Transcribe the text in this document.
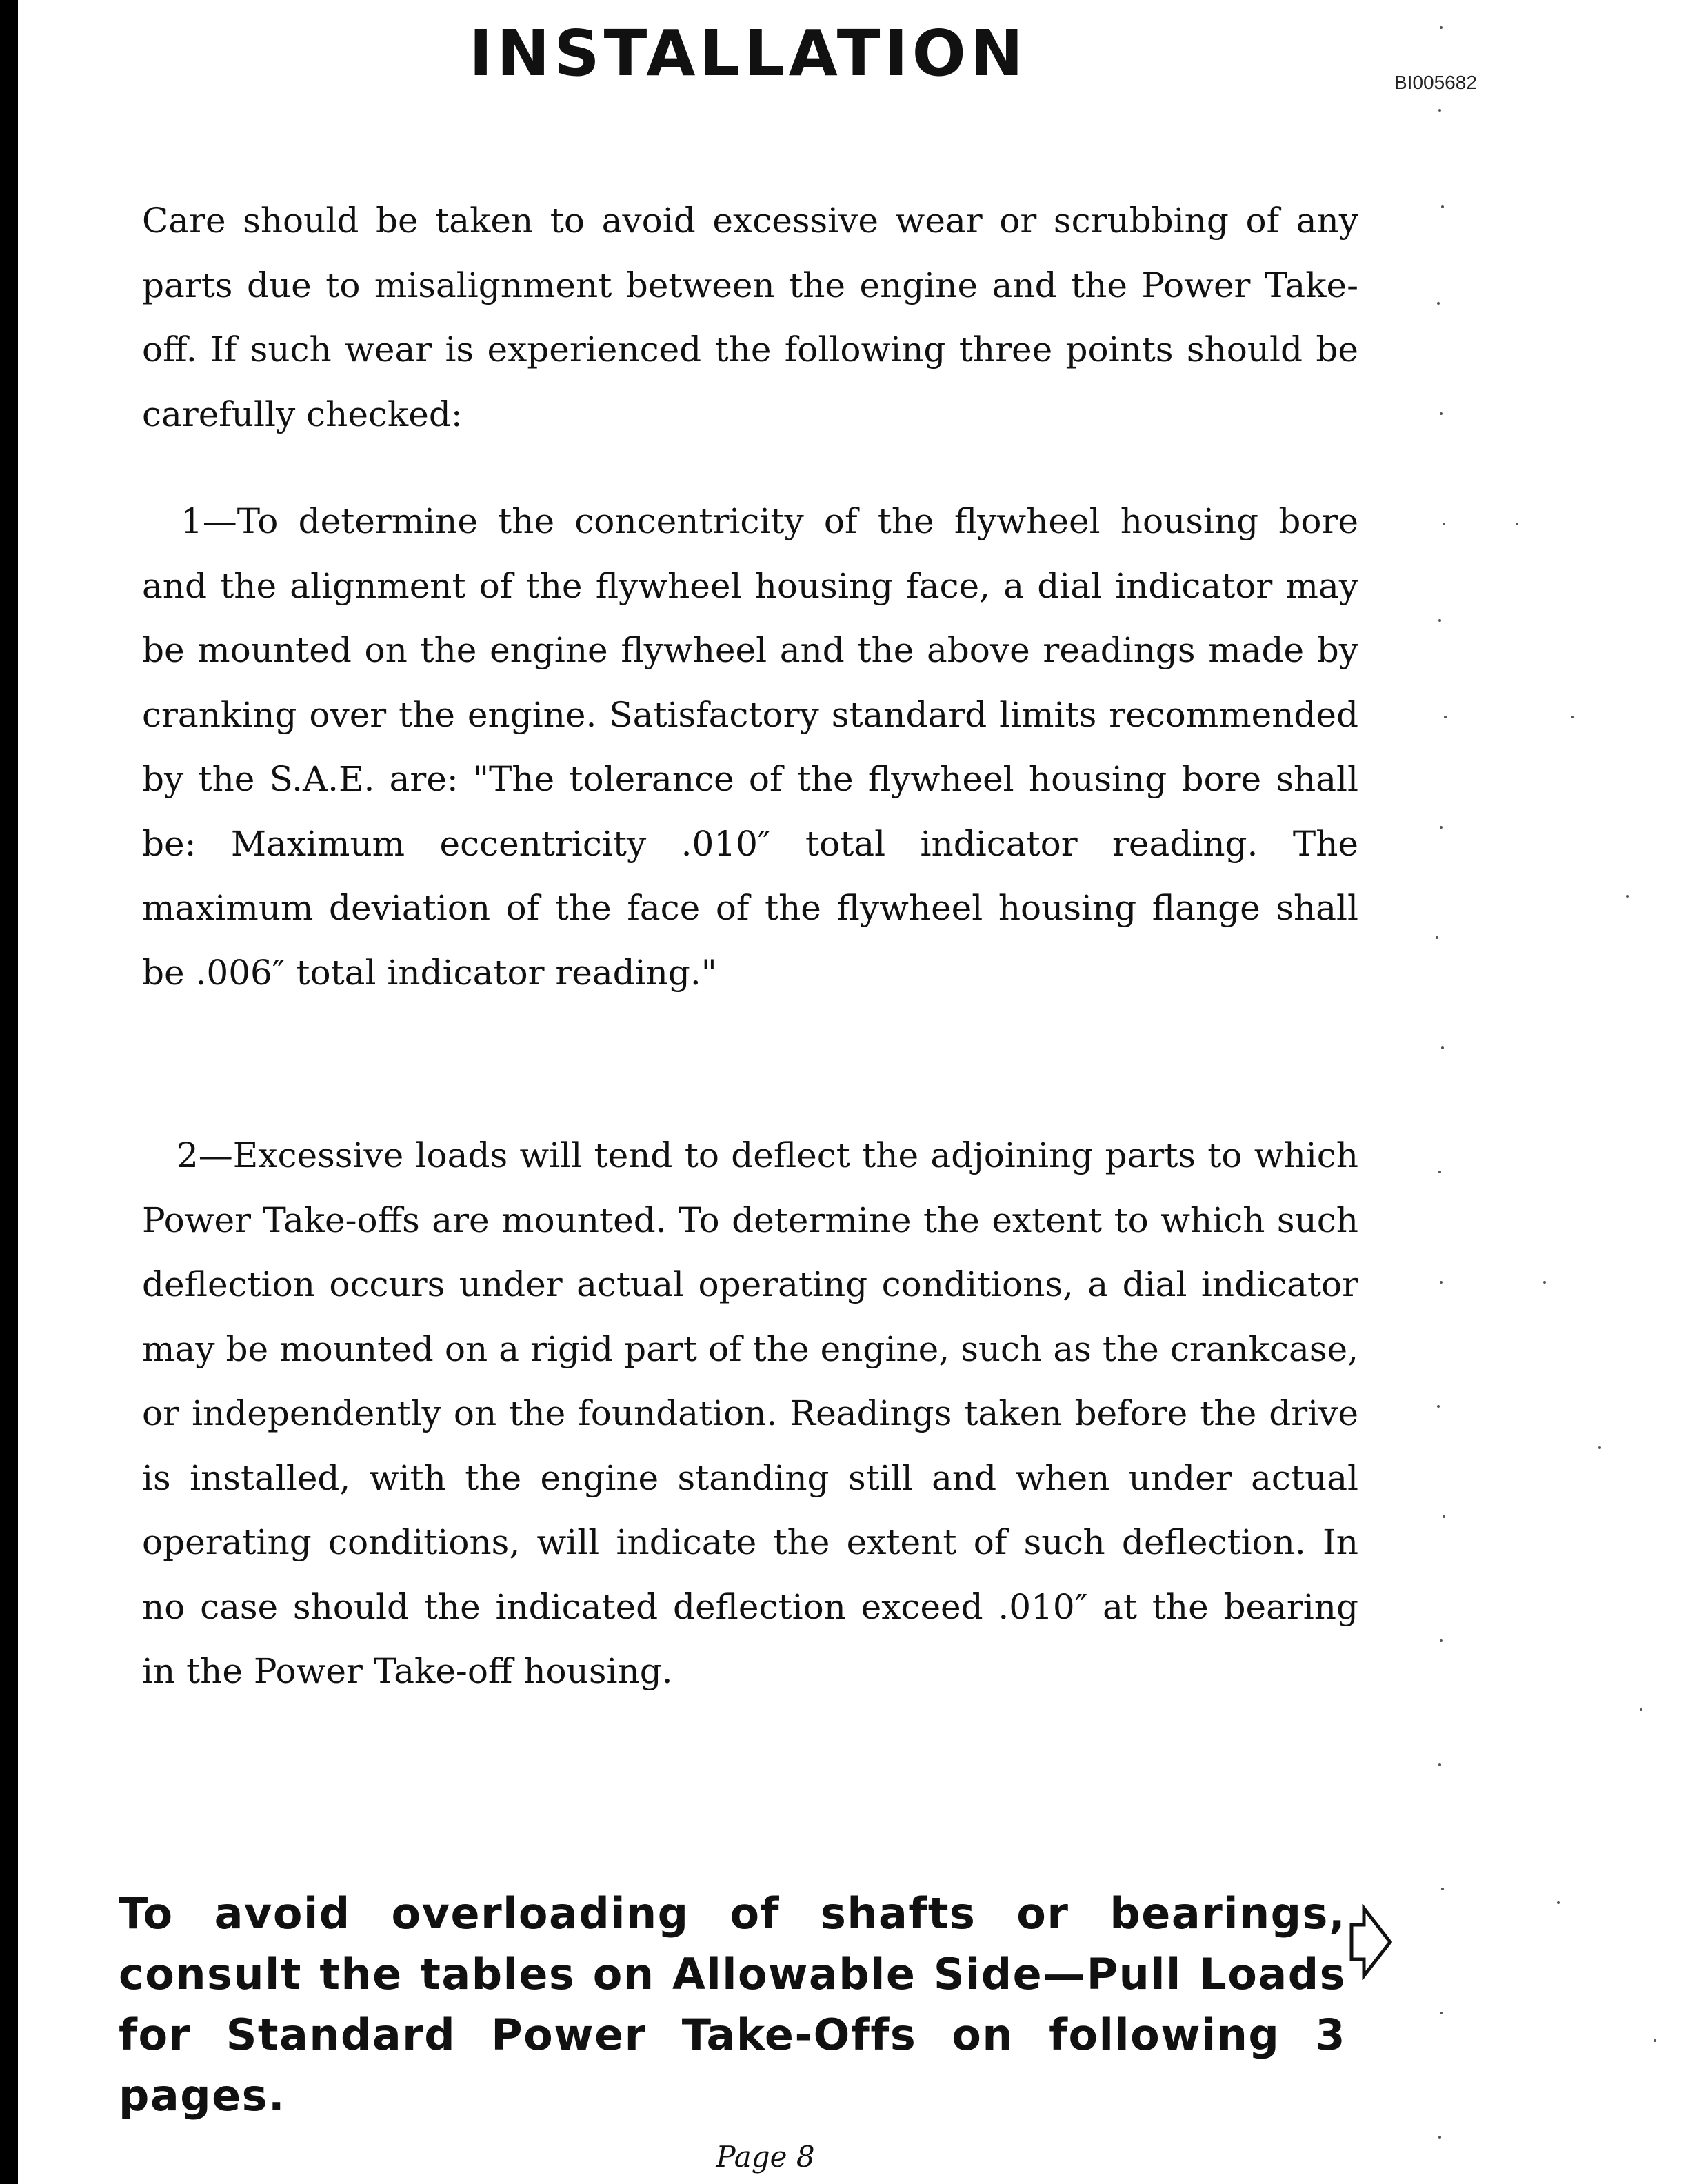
INSTALLATION	BI005682

Care should be taken to avoid excessive wear or scrubbing of any parts due to misalignment between the engine and the Power Take-off. If such wear is experienced the following three points should be carefully checked:

1—To determine the concentricity of the flywheel housing bore and the alignment of the flywheel housing face, a dial indicator may be mounted on the engine flywheel and the above readings made by cranking over the engine. Satisfactory standard limits recommended by the S.A.E. are: "The tolerance of the flywheel housing bore shall be: Maximum eccentricity .010″ total indicator reading. The maximum deviation of the face of the flywheel housing flange shall be .006″ total indicator reading."

2—Excessive loads will tend to deflect the adjoining parts to which Power Take-offs are mounted. To determine the extent to which such deflection occurs under actual operating conditions, a dial indicator may be mounted on a rigid part of the engine, such as the crankcase, or independently on the foundation. Readings taken before the drive is installed, with the engine standing still and when under actual operating conditions, will indicate the extent of such deflection. In no case should the indicated deflection exceed .010″ at the bearing in the Power Take-off housing.

To avoid overloading of shafts or bearings, consult the tables on Allowable Side—Pull Loads for Standard Power Take-Offs on following 3 pages.

Page 8
